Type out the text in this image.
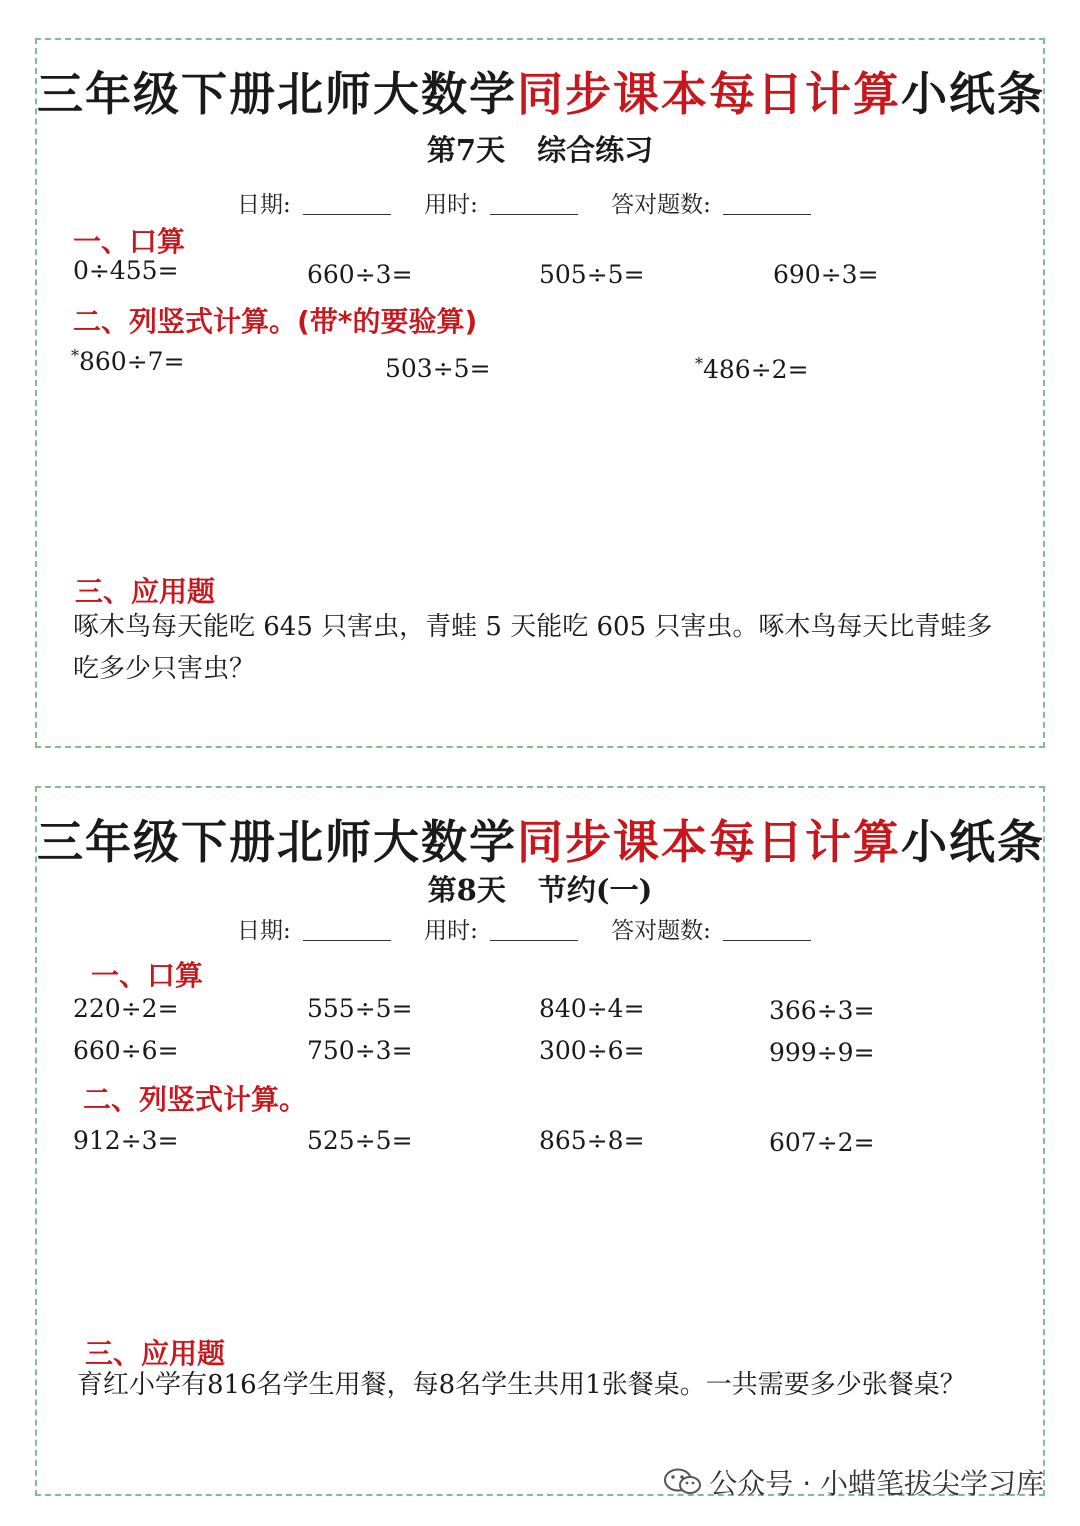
三年级下册北师大数学同步课本每日计算小纸条
第7天 综合练习
日期:	用时:	答对题数:
一、口算
0÷455=	660÷3=	505÷5=	690÷3=
二、列竖式计算。(带*的要验算)
*860÷7=	503÷5=	*486÷2=
三、应用题
啄木鸟每天能吃 645 只害虫，青蛙 5 天能吃 605 只害虫。啄木鸟每天比青蛙多吃多少只害虫？
三年级下册北师大数学同步课本每日计算小纸条
第8天 节约(一)
日期:	用时:	答对题数:
一、口算
220÷2=	555÷5=	840÷4=	366÷3=
660÷6=	750÷3=	300÷6=	999÷9=
二、列竖式计算。
912÷3=	525÷5=	865÷8=	607÷2=
三、应用题
育红小学有816名学生用餐，每8名学生共用1张餐桌。一共需要多少张餐桌？
公众号 · 小蜡笔拔尖学习库
